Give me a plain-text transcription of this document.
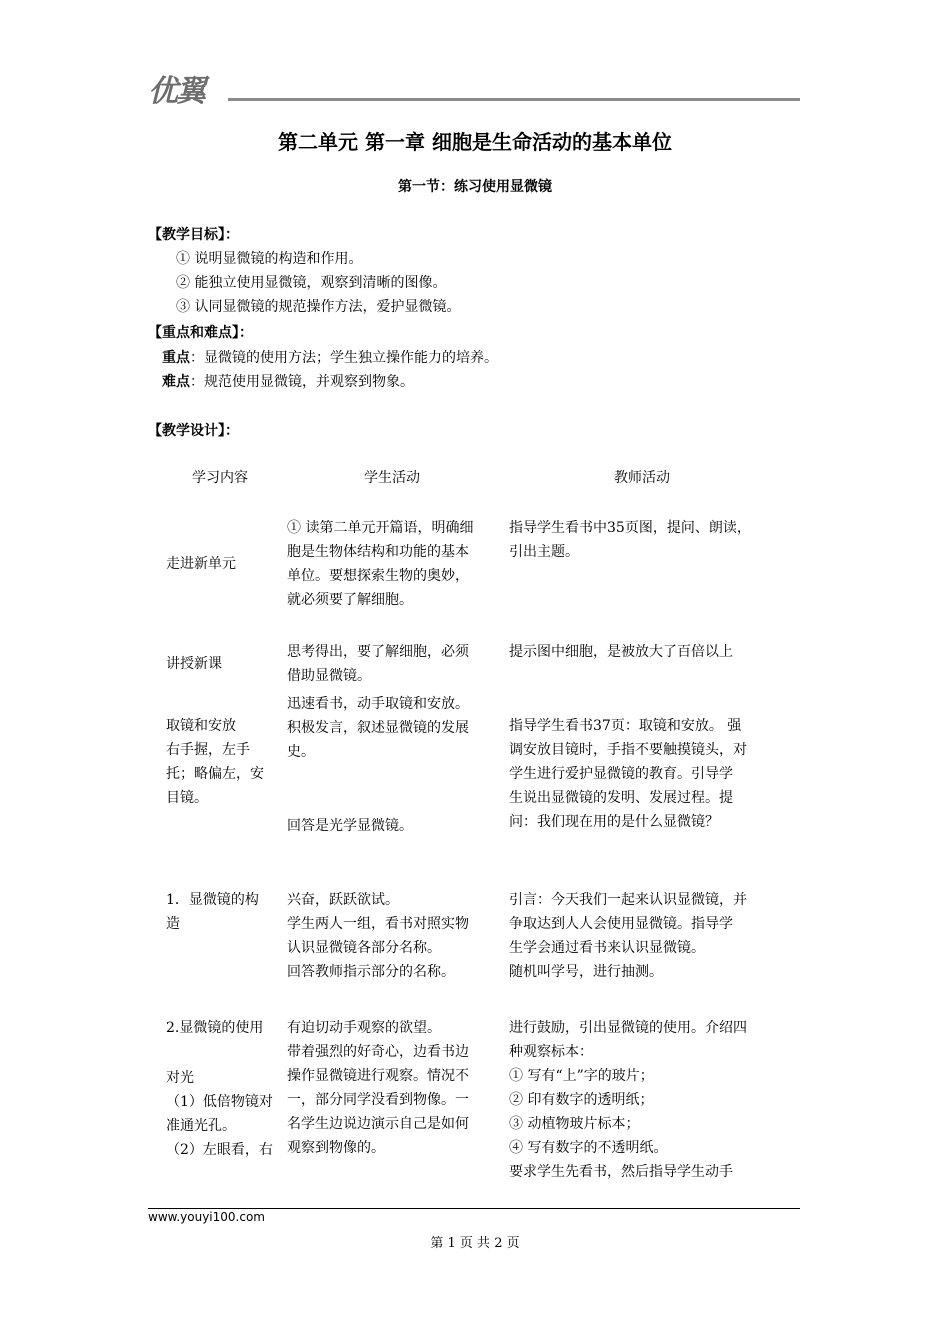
优翼
第二单元 第一章 细胞是生命活动的基本单位
第一节：练习使用显微镜
【教学目标】：
① 说明显微镜的构造和作用。
② 能独立使用显微镜，观察到清晰的图像。
③ 认同显微镜的规范操作方法，爱护显微镜。
【重点和难点】：
重点：显微镜的使用方法；学生独立操作能力的培养。
难点：规范使用显微镜，并观察到物象。
【教学设计】：
学习内容	学生活动	教师活动
走进新单元
① 读第二单元开篇语，明确细
胞是生物体结构和功能的基本
单位。要想探索生物的奥妙，
就必须要了解细胞。
指导学生看书中35页图，提问、朗读，
引出主题。
讲授新课
思考得出，要了解细胞，必须
借助显微镜。
提示图中细胞，是被放大了百倍以上
取镜和安放
右手握，左手
托；略偏左，安
目镜。
迅速看书，动手取镜和安放。
积极发言，叙述显微镜的发展
史。
回答是光学显微镜。
指导学生看书37页：取镜和安放。 强
调安放目镜时，手指不要触摸镜头，对
学生进行爱护显微镜的教育。引导学
生说出显微镜的发明、发展过程。提
问：我们现在用的是什么显微镜？
1．显微镜的构
造
兴奋，跃跃欲试。
学生两人一组，看书对照实物
认识显微镜各部分名称。
回答教师指示部分的名称。
引言：今天我们一起来认识显微镜，并
争取达到人人会使用显微镜。指导学
生学会通过看书来认识显微镜。
随机叫学号，进行抽测。
2.显微镜的使用
对光
（1）低倍物镜对
准通光孔。
（2）左眼看，右
有迫切动手观察的欲望。
带着强烈的好奇心，边看书边
操作显微镜进行观察。情况不
一，部分同学没看到物像。一
名学生边说边演示自己是如何
观察到物像的。
进行鼓励，引出显微镜的使用。介绍四
种观察标本：
① 写有“上”字的玻片；
② 印有数字的透明纸；
③ 动植物玻片标本；
④ 写有数字的不透明纸。
要求学生先看书，然后指导学生动手
www.youyi100.com
第 1 页 共 2 页
